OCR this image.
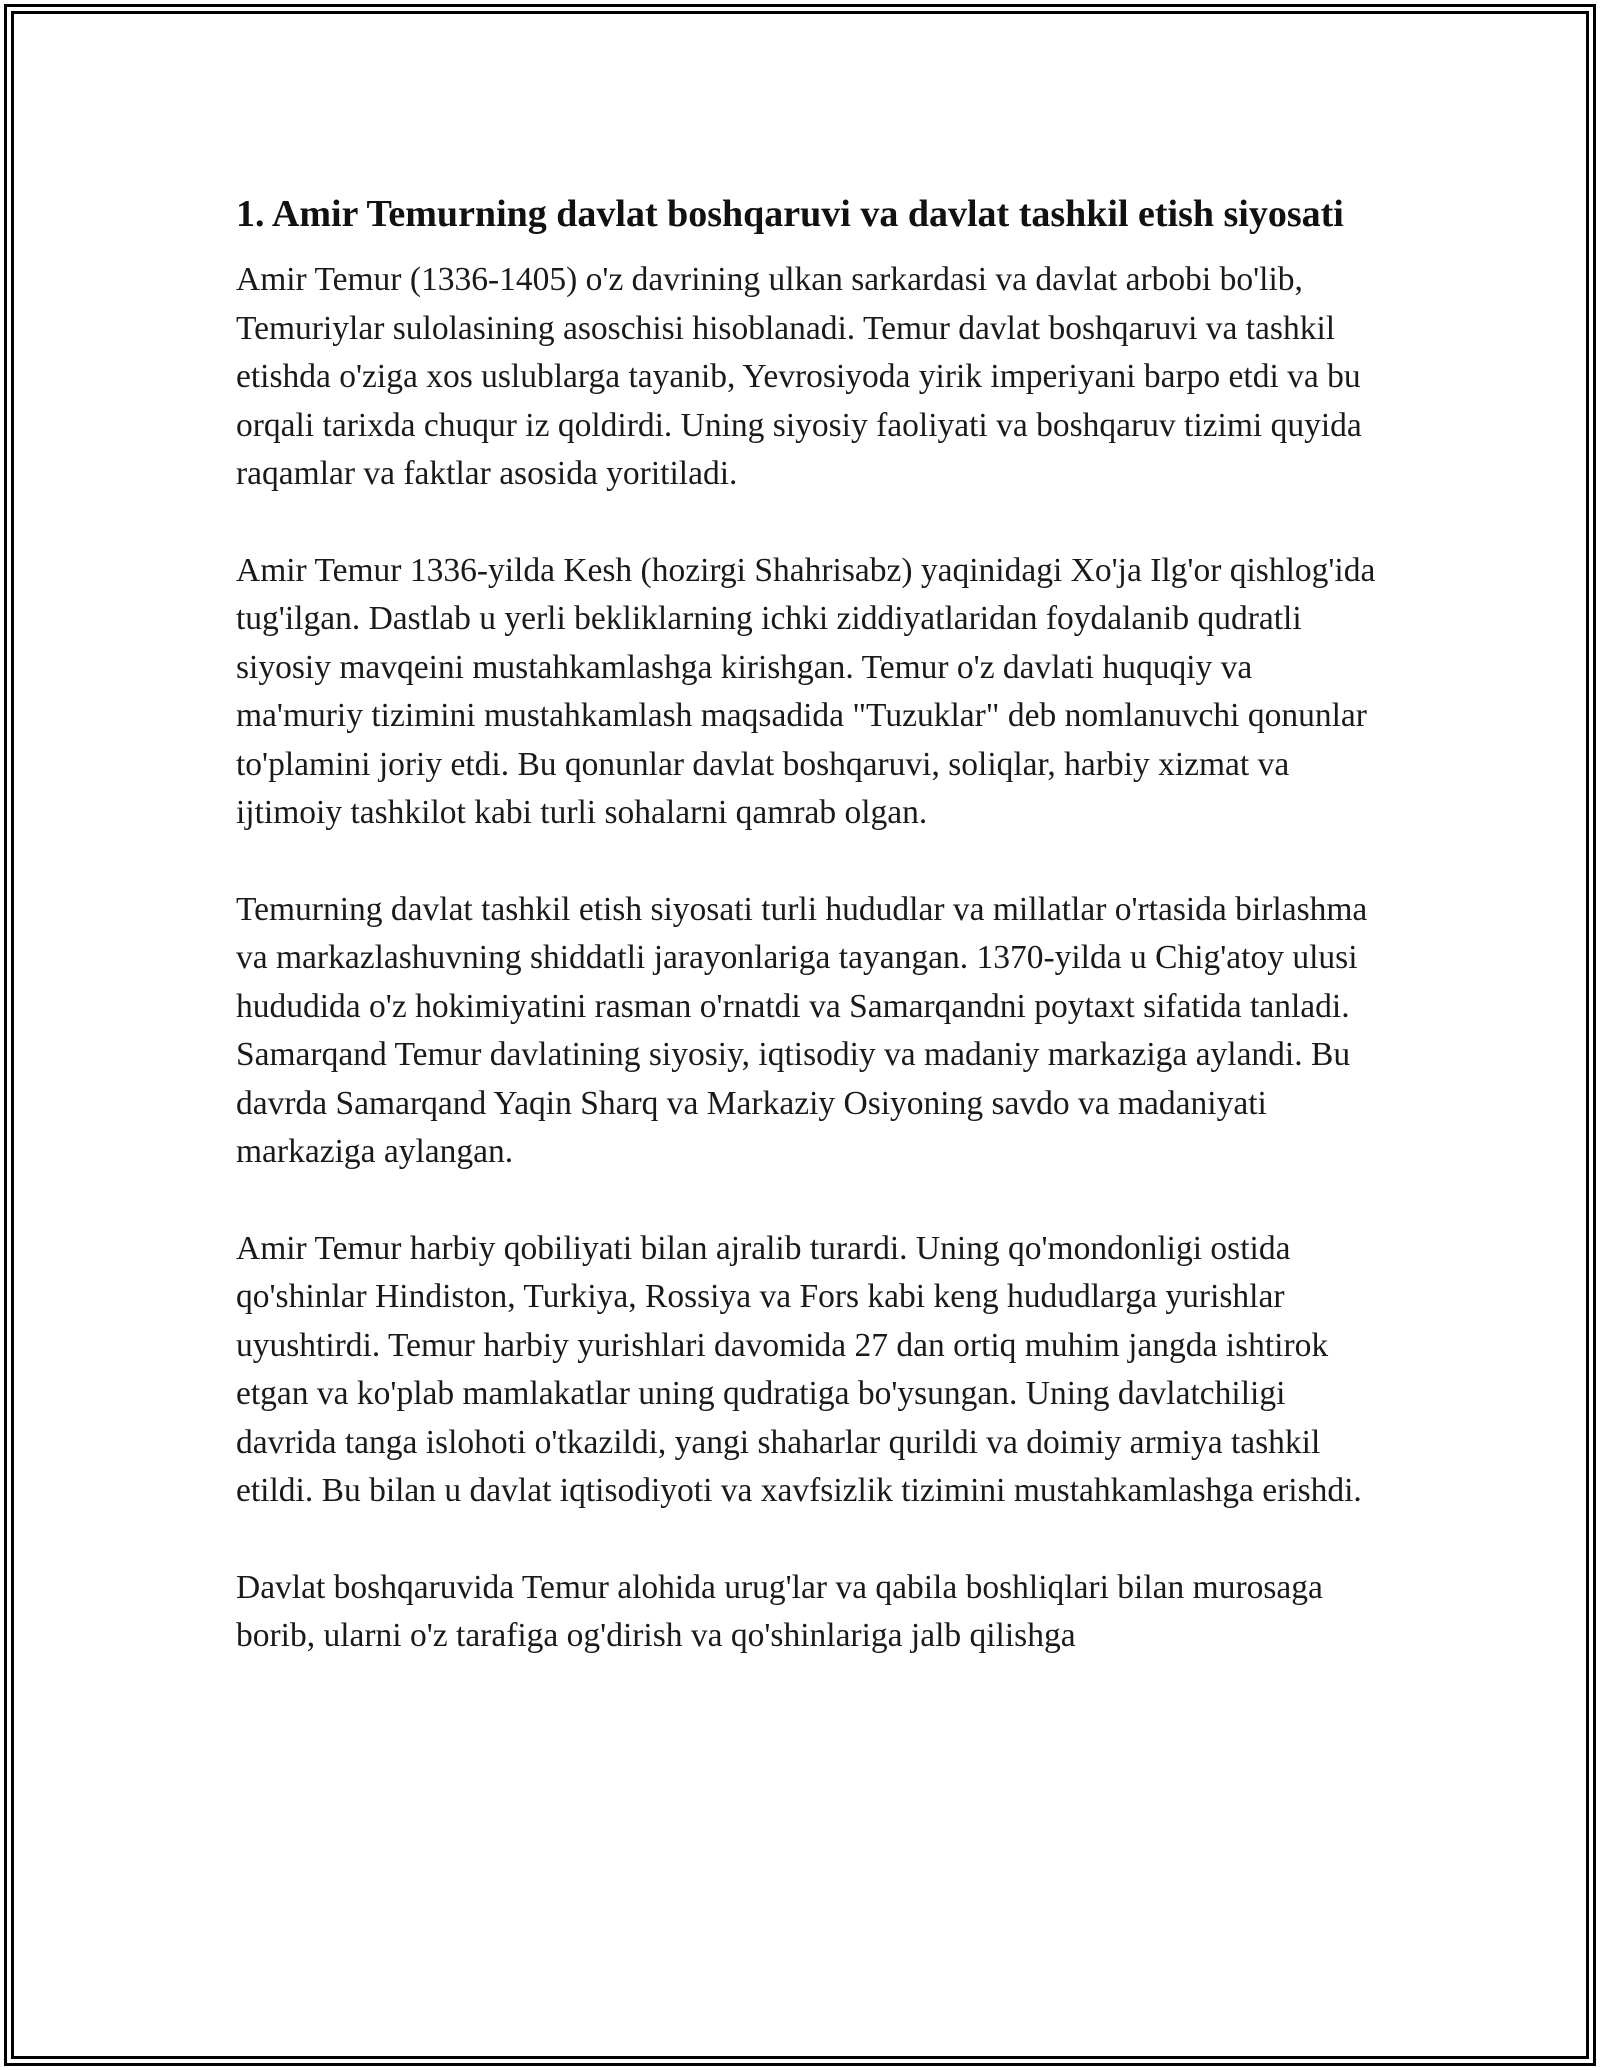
1. Amir Temurning davlat boshqaruvi va davlat tashkil etish siyosati

Amir Temur (1336-1405) o'z davrining ulkan sarkardasi va davlat arbobi bo'lib, Temuriylar sulolasining asoschisi hisoblanadi. Temur davlat boshqaruvi va tashkil etishda o'ziga xos uslublarga tayanib, Yevrosiyoda yirik imperiyani barpo etdi va bu orqali tarixda chuqur iz qoldirdi. Uning siyosiy faoliyati va boshqaruv tizimi quyida raqamlar va faktlar asosida yoritiladi.

Amir Temur 1336-yilda Kesh (hozirgi Shahrisabz) yaqinidagi Xo'ja Ilg'or qishlog'ida tug'ilgan. Dastlab u yerli bekliklarning ichki ziddiyatlaridan foydalanib qudratli siyosiy mavqeini mustahkamlashga kirishgan. Temur o'z davlati huquqiy va ma'muriy tizimini mustahkamlash maqsadida "Tuzuklar" deb nomlanuvchi qonunlar to'plamini joriy etdi. Bu qonunlar davlat boshqaruvi, soliqlar, harbiy xizmat va ijtimoiy tashkilot kabi turli sohalarni qamrab olgan.

Temurning davlat tashkil etish siyosati turli hududlar va millatlar o'rtasida birlashma va markazlashuvning shiddatli jarayonlariga tayangan. 1370-yilda u Chig'atoy ulusi hududida o'z hokimiyatini rasman o'rnatdi va Samarqandni poytaxt sifatida tanladi. Samarqand Temur davlatining siyosiy, iqtisodiy va madaniy markaziga aylandi. Bu davrda Samarqand Yaqin Sharq va Markaziy Osiyoning savdo va madaniyati markaziga aylangan.

Amir Temur harbiy qobiliyati bilan ajralib turardi. Uning qo'mondonligi ostida qo'shinlar Hindiston, Turkiya, Rossiya va Fors kabi keng hududlarga yurishlar uyushtirdi. Temur harbiy yurishlari davomida 27 dan ortiq muhim jangda ishtirok etgan va ko'plab mamlakatlar uning qudratiga bo'ysungan. Uning davlatchiligi davrida tanga islohoti o'tkazildi, yangi shaharlar qurildi va doimiy armiya tashkil etildi. Bu bilan u davlat iqtisodiyoti va xavfsizlik tizimini mustahkamlashga erishdi.

Davlat boshqaruvida Temur alohida urug'lar va qabila boshliqlari bilan murosaga borib, ularni o'z tarafiga og'dirish va qo'shinlariga jalb qilishga
